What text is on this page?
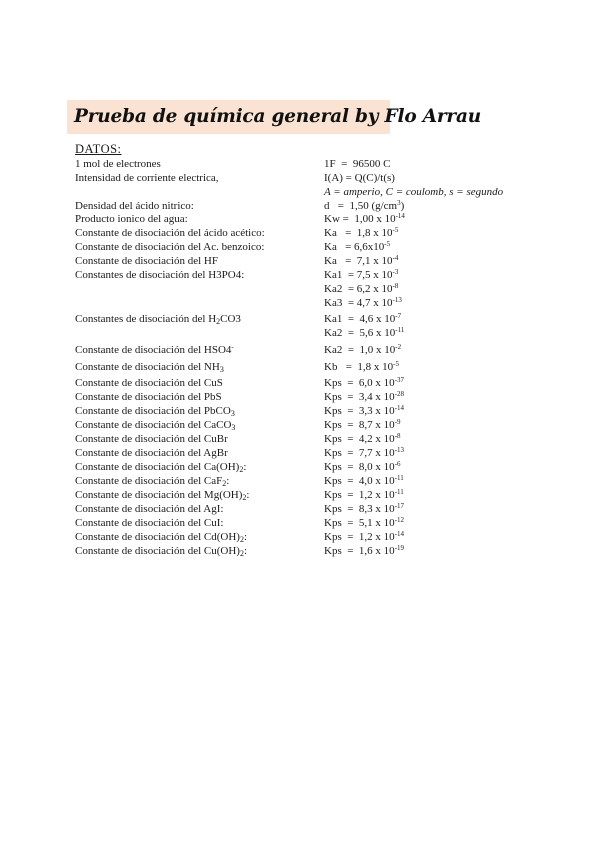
Prueba de química general by Flo Arrau
DATOS:
1 mol de electrones	1F  =  96500 C
Intensidad de corriente electrica,	I(A) = Q(C)/t(s)
A = amperio, C = coulomb, s = segundo
Densidad del ácido nitrico:	d   =  1,50 $(g/cm^3)$
Producto ionico del agua:	Kw =  1,00 x $10^{-14}$
Constante de disociación del ácido acético:	Ka   =  1,8 x $10^{-5}$
Constante de disociación del Ac. benzoico:	$Ka = 6,6x10^{-5}$
Constante de disociación del HF	Ka   =  7,1 x $10^{-4}$
Constantes de disociación del H3PO4:	Ka1  = 7,5 x $10^{-3}$
Ka2  = 6,2 x $10^{-8}$
Ka3  = 4,7 x $10^{-13}$
Constantes de disociación del $H_2CO3$	Ka1  =  4,6 x $10^{-7}$
Ka2  =  5,6 x $10^{-11}$
Constante de disociación del HSO4-	Ka2  =  1,0 x $10^{-2}$
Constante de disociación del $NH_3$	Kb   =  1,8 x $10^{-5}$
Constante de disociación del CuS	Kps  =  6,0 x $10^{-37}$
Constante de disociación del PbS	Kps  =  3,4 x $10^{-28}$
Constante de disociación del PbCO$_3$	Kps  =  3,3 x $10^{-14}$
Constante de disociación del CaCO$_3$	Kps  =  8,7 x $10^{-9}$
Constante de disociación del CuBr	Kps  =  4,2 x $10^{-8}$
Constante de disociación del AgBr	Kps  =  7,7 x $10^{-13}$
Constante de disociación del $Ca(OH)_2$:	Kps  =  8,0 x $10^{-6}$
Constante de disociación del CaF$_2$:	Kps  =  4,0 x $10^{-11}$
Constante de disociación del $Mg(OH)_2$:	Kps  =  1,2 x $10^{-11}$
Constante de disociación del AgI:	Kps  =  8,3 x $10^{-17}$
Constante de disociación del CuI:	Kps  =  5,1 x $10^{-12}$
Constante de disociación del $Cd(OH)_2$:	Kps  =  1,2 x $10^{-14}$
Constante de disociación del $Cu(OH)_2$:	Kps  =  1,6 x $10^{-19}$
